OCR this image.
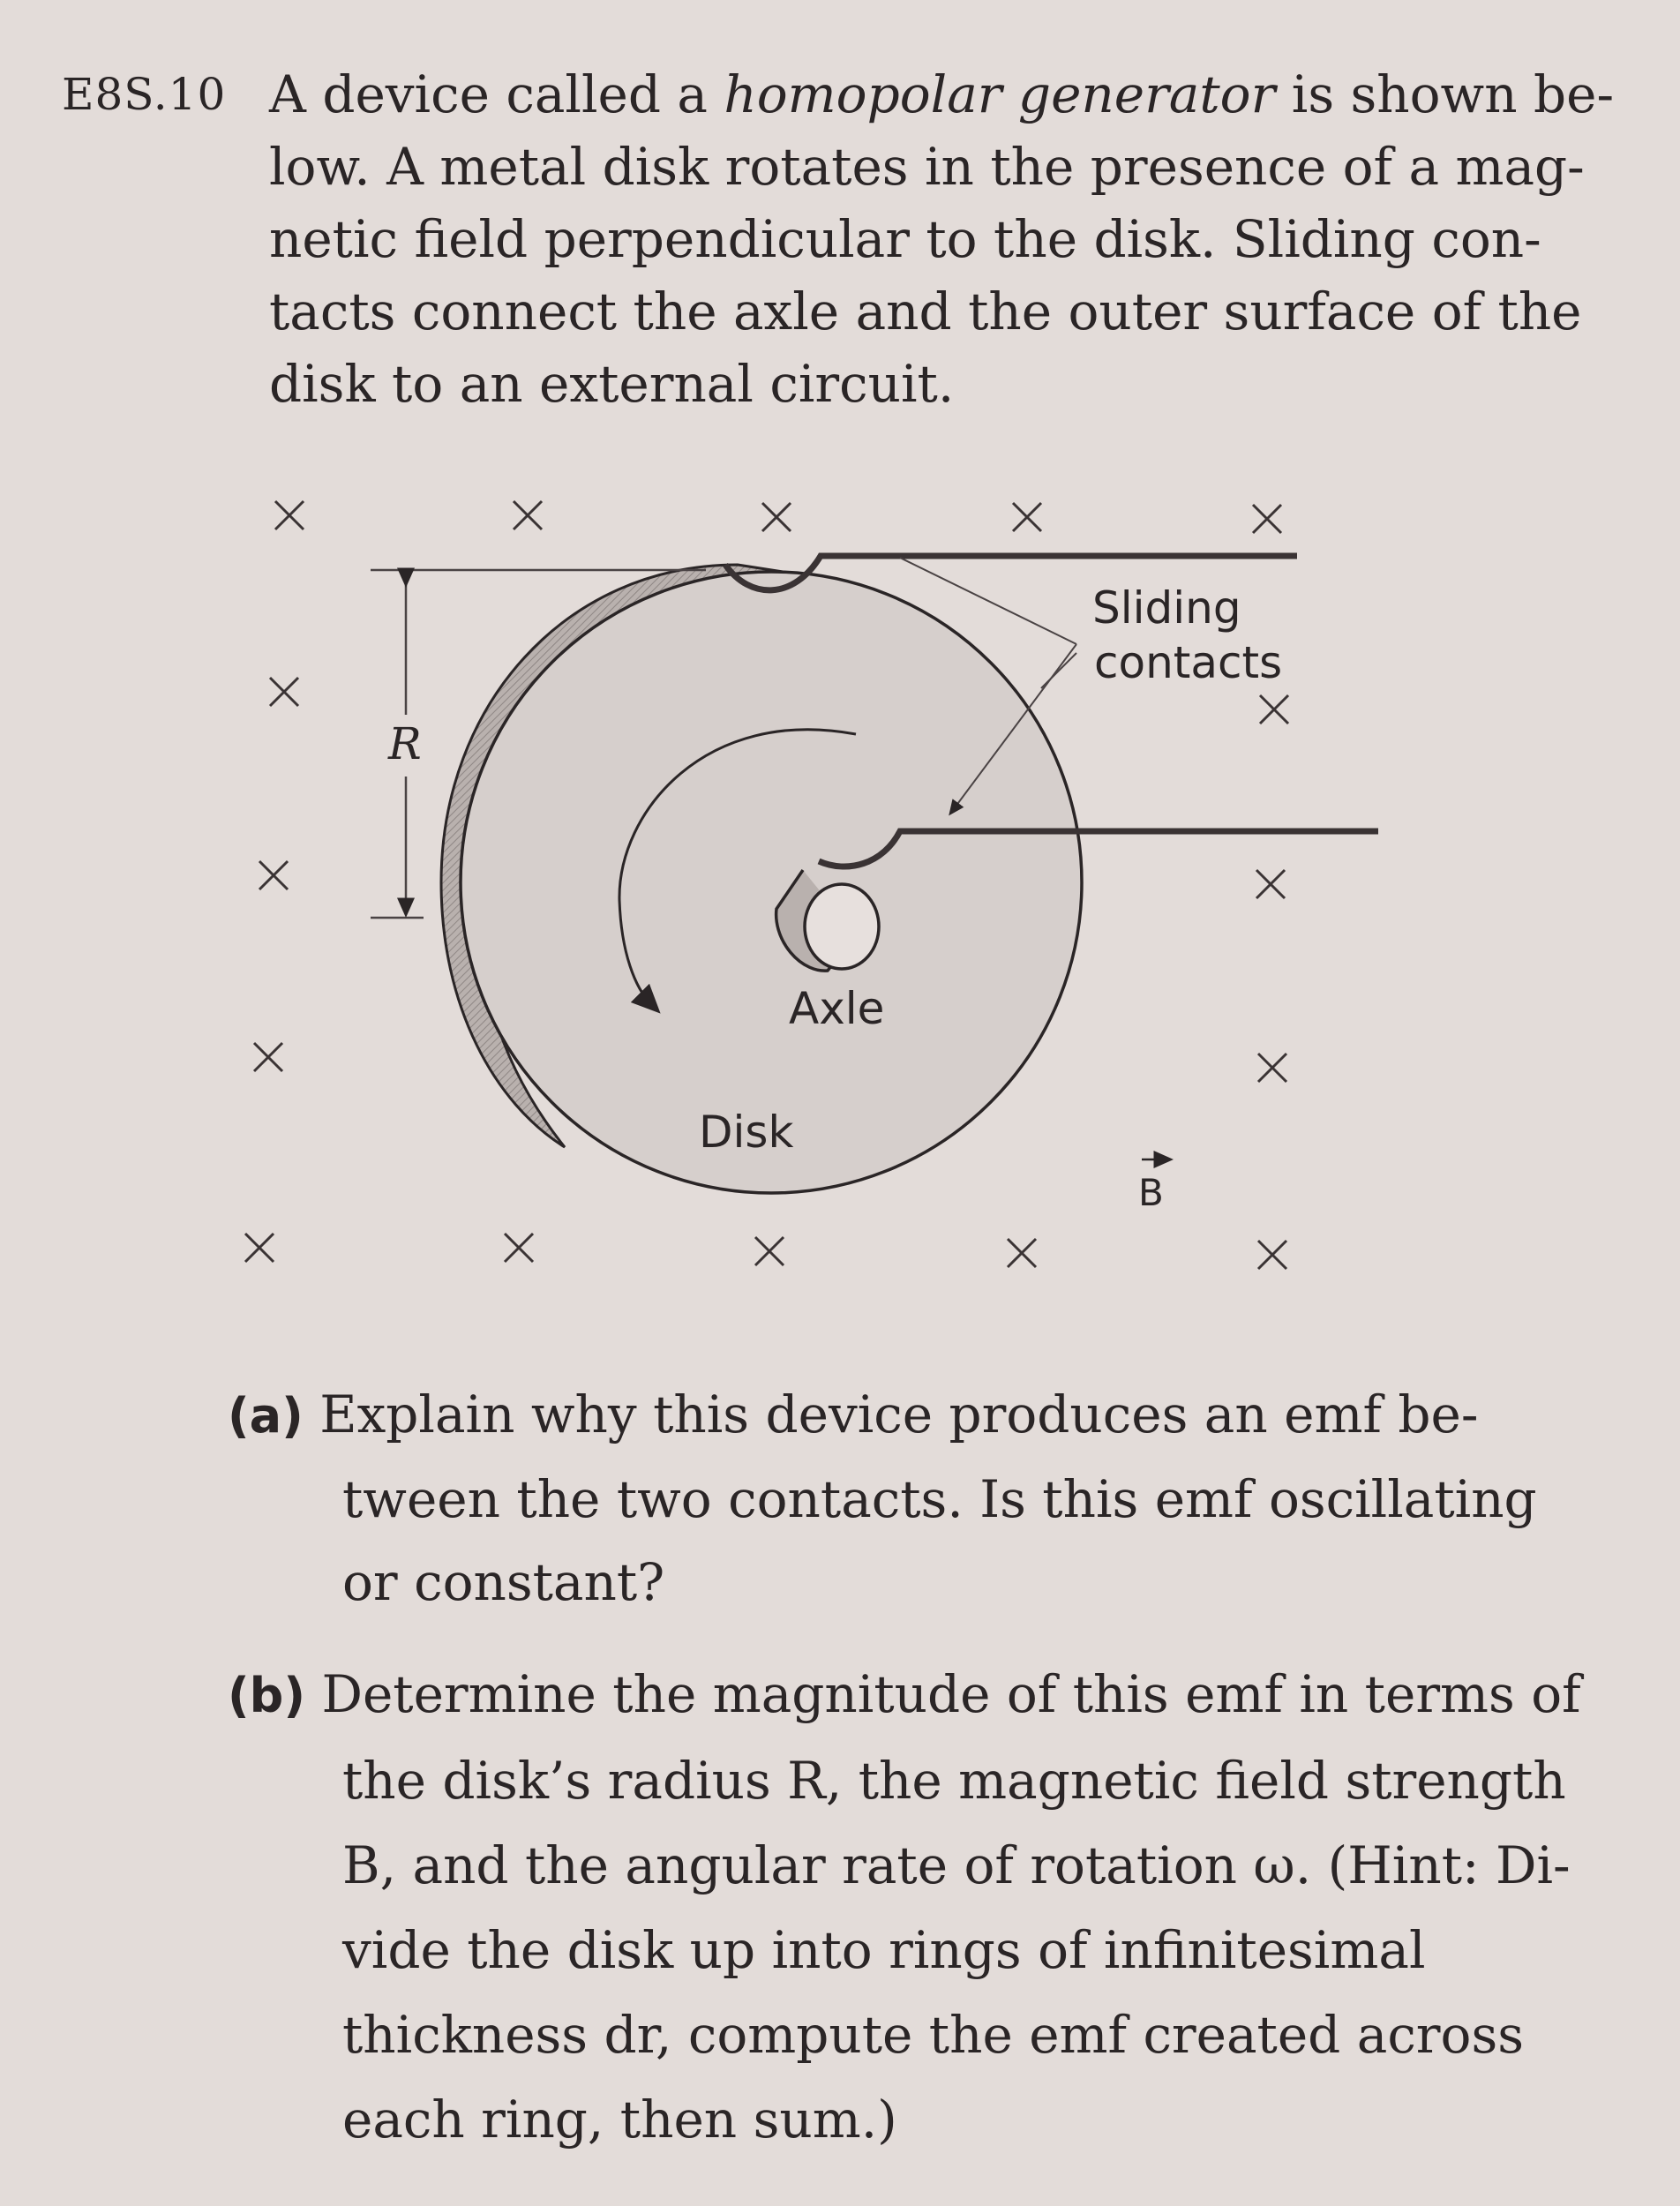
E8S.10 A device called a homopolar generator is shown be-
low. A metal disk rotates in the presence of a mag-
netic field perpendicular to the disk. Sliding con-
tacts connect the axle and the outer surface of the
disk to an external circuit.
R
Sliding
contacts
Axle
Disk
B
(a) Explain why this device produces an emf be-
tween the two contacts. Is this emf oscillating
or constant?
(b) Determine the magnitude of this emf in terms of
the disk’s radius R, the magnetic field strength
B, and the angular rate of rotation ω. (Hint: Di-
vide the disk up into rings of infinitesimal
thickness dr, compute the emf created across
each ring, then sum.)
